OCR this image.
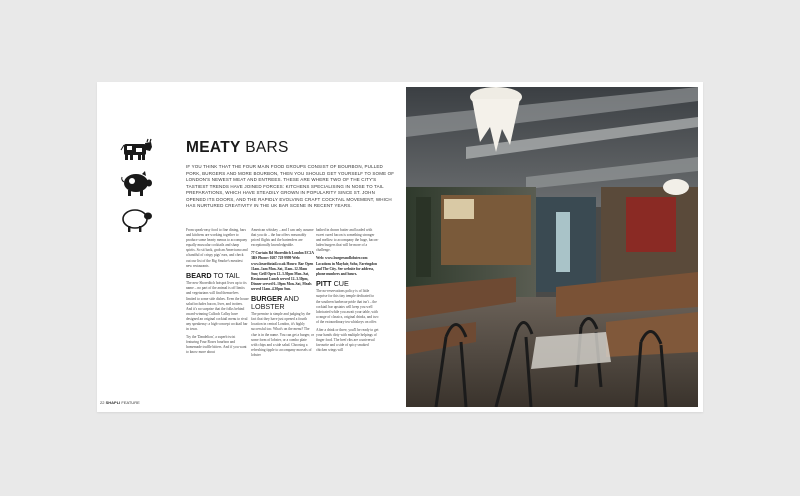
MEATY BARS
IF YOU THINK THAT THE FOUR MAIN FOOD GROUPS CONSIST OF BOURBON, PULLED PORK, BURGERS AND MORE BOURBON, THEN YOU SHOULD GET YOURSELF TO SOME OF LONDON'S NEWEST MEAT AND ENTREES. THESE ARE WHERE TWO OF THE CITY'S TASTIEST TRENDS HAVE JOINED FORCES: KITCHENS SPECIALISING IN NOSE TO TAIL PREPARATIONS, WHICH HAVE STEADILY GROWN IN POPULARITY SINCE ST. JOHN OPENED ITS DOORS, AND THE RAPIDLY EVOLVING CRAFT COCKTAIL MOVEMENT, WHICH HAS NURTURED CREATIVITY IN THE UK BAR SCENE IN RECENT YEARS.

From speak-easy food to fine dining, bars and kitchens are working together to produce some hearty menus to accompany equally muscular cocktails and sharp spirits. So sit back, grab an Americano and a handful of crispy pigs' ears, and check out our list of the Big Smoke's meatiest new restaurants.

BEARD TO TAIL

The new Shoreditch hotspot lives up to its name – no part of the animal is off limits and vegetarians will find themselves limited to some side dishes. Even the house salad includes bacon, liver, and trotters. And it's no surprise that the folks behind award-winning Callooh Callay have designed an original cocktail menu to rival any speakeasy: a high-concept cocktail bar in town.

Try the 'Dandelion', a superb twist featuring Four Roses bourbon and homemade truffle bitters. And if you want to know more about

American whiskey – and I can only assume that you do – the bar offers reasonably priced flights and the bartenders are exceptionally knowledgeable.

77 Curtain Rd Shoreditch London EC2A 3BS Phone: 0207 729 9999 Web: www.beardtotail.co.uk Hours: Bar Open 11am–1am Mon–Sat, 11am–12.30am Sun; Grill Open 12–3.30pm Mon–Sat, Restaurant Lunch served 12–3.30pm, Dinner served 6–10pm Mon–Sat, Meals served 11am–4.30pm Sun.

BURGER AND LOBSTER

The premise is simple and judging by the fact that they have just opened a fourth location in central London, it's highly successful too. What's on the menu? The clue is in the name. You can get a burger, or some form of lobster, or a combo plate with chips and a side salad. Choosing a refreshing tipple to accompany morsels of lobster

bathed in drawn butter and loaded with sweet cured bacon is something stronger and mellow to accompany the huge, bacon-laden burgers that will be more of a challenge.

Web: www.burgerandlobster.com Locations in Mayfair, Soho, Farringdon and The City. See website for address, phone numbers and hours.

PITT CUE

The no-reservations policy is of little surprise for this tiny temple dedicated to the southern barbecue pride that isn't – the cocktail bar upstairs will keep you well lubricated while you await your table, with a range of classics, original drinks, and two of the extraordinary tea whiskeys on offer.

After a drink or three, you'll be ready to get your hands dirty with multiple helpings of finger food. The beef ribs are a universal favourite and a side of spicy smoked chicken wings will

22 SHAPLI FEATURE
